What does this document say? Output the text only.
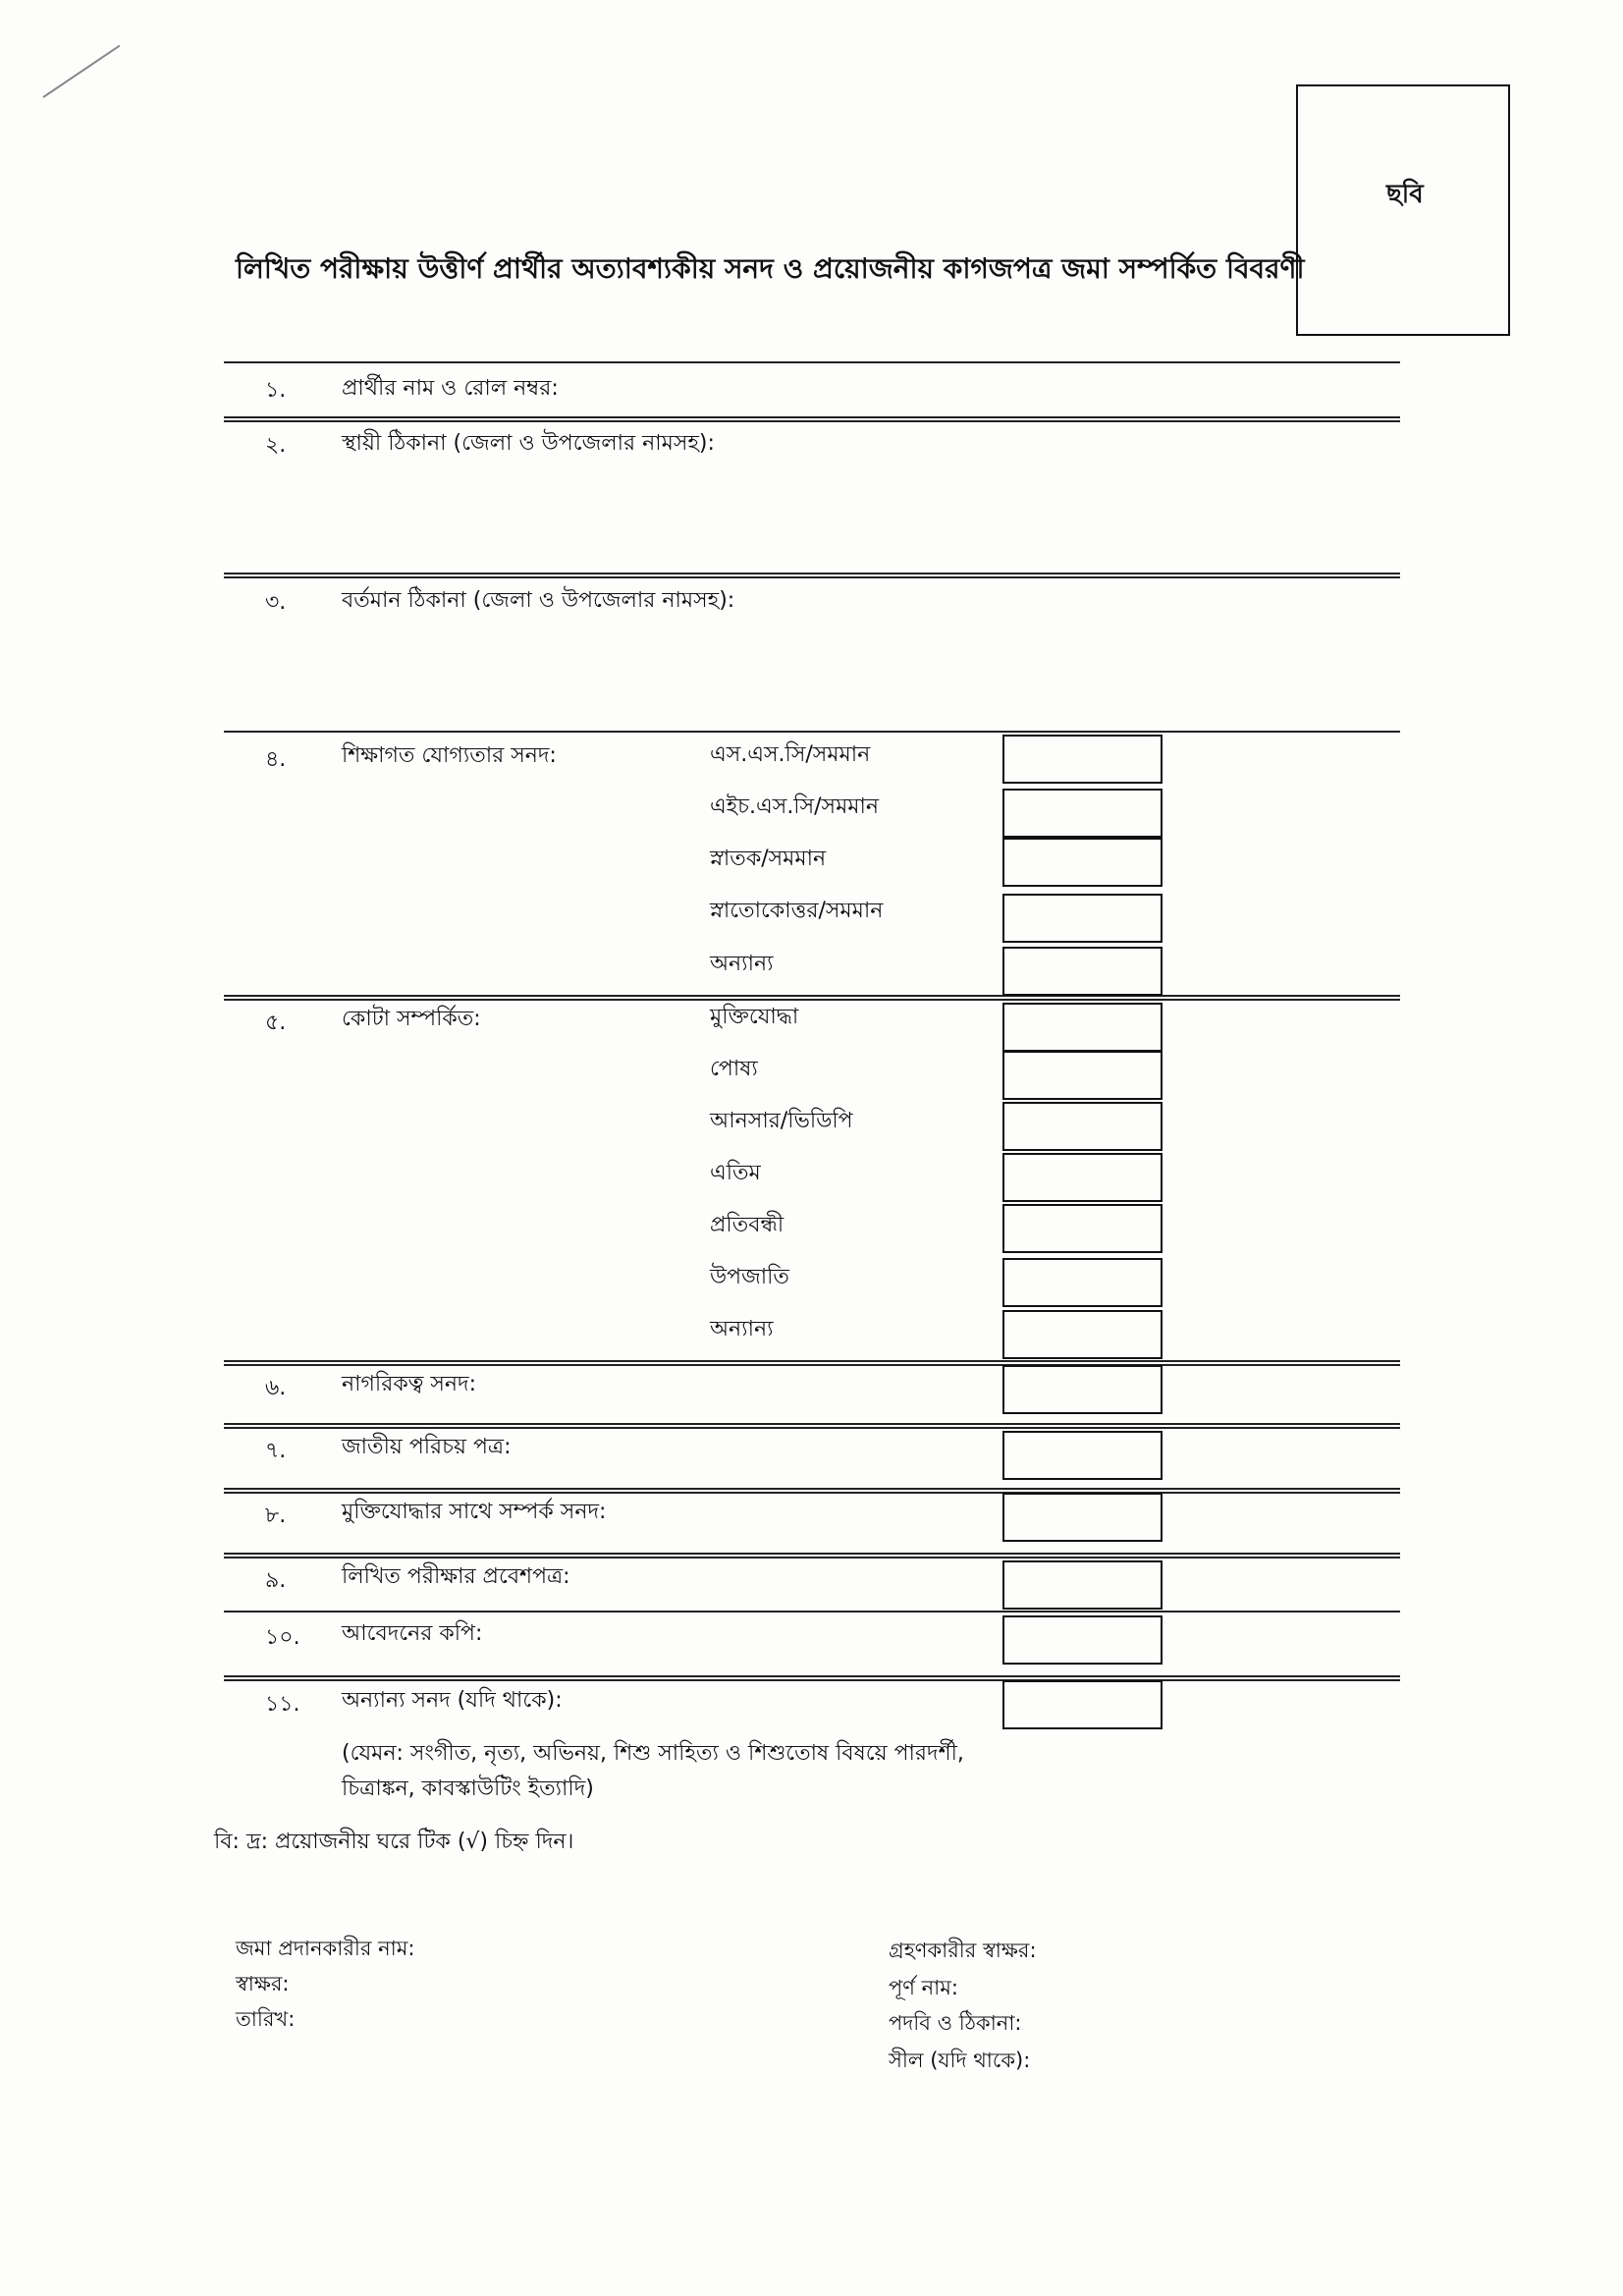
ছবি
লিখিত পরীক্ষায় উত্তীর্ণ প্রার্থীর অত্যাবশ্যকীয় সনদ ও প্রয়োজনীয় কাগজপত্র জমা সম্পর্কিত বিবরণী
১.	প্রার্থীর নাম ও রোল নম্বর:
২.	স্থায়ী ঠিকানা (জেলা ও উপজেলার নামসহ):
৩.	বর্তমান ঠিকানা (জেলা ও উপজেলার নামসহ):
৪.	শিক্ষাগত যোগ্যতার সনদ:	এস.এস.সি/সমমান
এইচ.এস.সি/সমমান
স্নাতক/সমমান
স্নাতোকোত্তর/সমমান
অন্যান্য
৫.	কোটা সম্পর্কিত:	মুক্তিযোদ্ধা
পোষ্য
আনসার/ভিডিপি
এতিম
প্রতিবন্ধী
উপজাতি
অন্যান্য
৬.	নাগরিকত্ব সনদ:
৭.	জাতীয় পরিচয় পত্র:
৮.	মুক্তিযোদ্ধার সাথে সম্পর্ক সনদ:
৯.	লিখিত পরীক্ষার প্রবেশপত্র:
১০. আবেদনের কপি:
১১. অন্যান্য সনদ (যদি থাকে):
(যেমন: সংগীত, নৃত্য, অভিনয়, শিশু সাহিত্য ও শিশুতোষ বিষয়ে পারদর্শী,
চিত্রাঙ্কন, কাবস্কাউটিং ইত্যাদি)
বি: দ্র: প্রয়োজনীয় ঘরে টিক (√) চিহ্ন দিন।
জমা প্রদানকারীর নাম:
স্বাক্ষর:
তারিখ:
গ্রহণকারীর স্বাক্ষর:
পূর্ণ নাম:
পদবি ও ঠিকানা:
সীল (যদি থাকে):
